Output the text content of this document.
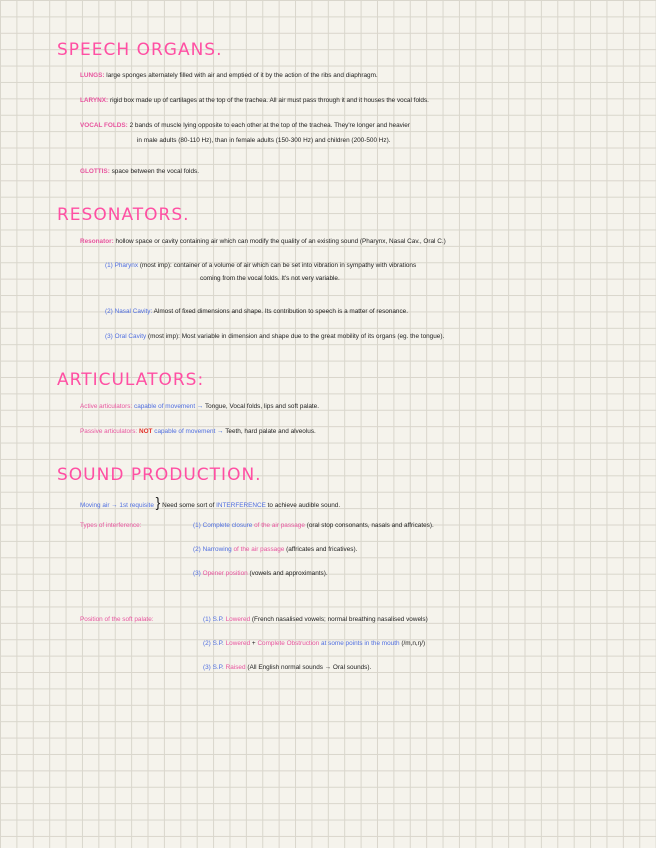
SPEECH ORGANS.
LUNGS: large sponges alternately filled with air and emptied of it by the action of the ribs and diaphragm.
LARYNX: rigid box made up of cartilages at the top of the trachea. All air must pass through it and it houses the vocal folds.
VOCAL FOLDS: 2 bands of muscle lying opposite to each other at the top of the trachea. They're longer and heavier
in male adults (80-110 Hz), than in female adults (150-300 Hz) and children (200-500 Hz).
GLOTTIS: space between the vocal folds.
RESONATORS.
Resonator: hollow space or cavity containing air which can modify the quality of an existing sound (Pharynx, Nasal Cav., Oral C.)
(1) Pharynx (most imp): container of a volume of air which can be set into vibration in sympathy with vibrations
coming from the vocal folds. It's not very variable.
(2) Nasal Cavity: Almost of fixed dimensions and shape. Its contribution to speech is a matter of resonance.
(3) Oral Cavity (most imp): Most variable in dimension and shape due to the great mobility of its organs (eg. the tongue).
ARTICULATORS:
Active articulators: capable of movement → Tongue, Vocal folds, lips and soft palate.
Passive articulators: NOT capable of movement → Teeth, hard palate and alveolus.
SOUND PRODUCTION.
Moving air → 1st requisite } Need some sort of INTERFERENCE to achieve audible sound.
Types of interference:	(1) Complete closure of the air passage (oral stop consonants, nasals and affricates).
(2) Narrowing of the air passage (affricates and fricatives).
(3) Opener position (vowels and approximants).
Position of the soft palate:	(1) S.P. Lowered (French nasalised vowels; normal breathing nasalised vowels)
(2) S.P. Lowered + Complete Obstruction at some points in the mouth (/m,n,ŋ/)
(3) S.P. Raised (All English normal sounds → Oral sounds).
